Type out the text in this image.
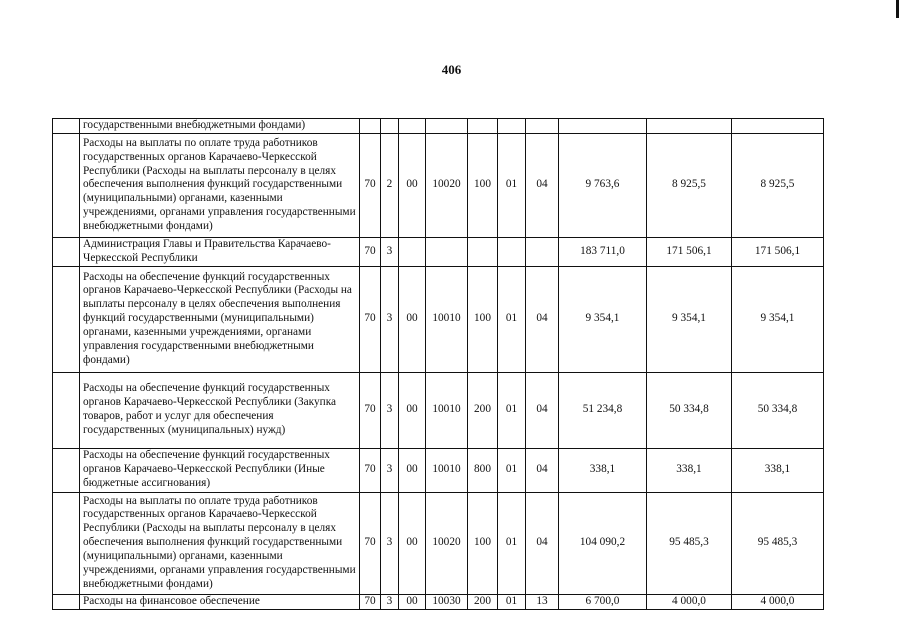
406
	государственными внебюджетными фондами)										
	Расходы на выплаты по оплате труда работников государственных органов Карачаево-Черкесской Республики (Расходы на выплаты персоналу в целях обеспечения выполнения функций государственными (муниципальными) органами, казенными учреждениями, органами управления государственными внебюджетными фондами)	70	2	00	10020	100	01	04	9 763,6	8 925,5	8 925,5
	Администрация Главы и Правительства Карачаево-Черкесской Республики	70	3						183 711,0	171 506,1	171 506,1
	Расходы на обеспечение функций государственных органов Карачаево-Черкесской Республики (Расходы на выплаты персоналу в целях обеспечения выполнения функций государственными (муниципальными) органами, казенными учреждениями, органами управления государственными внебюджетными фондами)	70	3	00	10010	100	01	04	9 354,1	9 354,1	9 354,1
	Расходы на обеспечение функций государственных органов Карачаево-Черкесской Республики (Закупка товаров, работ и услуг для обеспечения государственных (муниципальных) нужд)	70	3	00	10010	200	01	04	51 234,8	50 334,8	50 334,8
	Расходы на обеспечение функций государственных органов Карачаево-Черкесской Республики (Иные бюджетные ассигнования)	70	3	00	10010	800	01	04	338,1	338,1	338,1
	Расходы на выплаты по оплате труда работников государственных органов Карачаево-Черкесской Республики (Расходы на выплаты персоналу в целях обеспечения выполнения функций государственными (муниципальными) органами, казенными учреждениями, органами управления государственными внебюджетными фондами)	70	3	00	10020	100	01	04	104 090,2	95 485,3	95 485,3
	Расходы на финансовое обеспечение	70	3	00	10030	200	01	13	6 700,0	4 000,0	4 000,0
